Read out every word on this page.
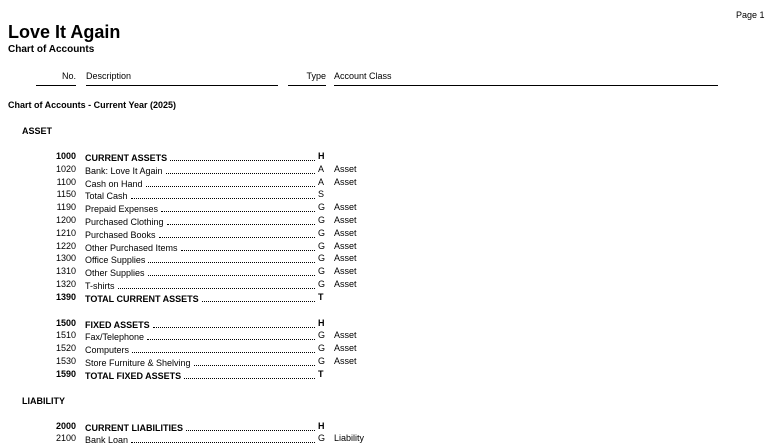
Page 1
Love It Again
Chart of Accounts
No. Description	Type Account Class
Chart of Accounts - Current Year (2025)
ASSET
1000 CURRENT ASSETS	H
1020 Bank: Love It Again	A Asset
1100 Cash on Hand	A Asset
1150 Total Cash	S
1190 Prepaid Expenses	G Asset
1200 Purchased Clothing	G Asset
1210 Purchased Books	G Asset
1220 Other Purchased Items	G Asset
1300 Office Supplies	G Asset
1310 Other Supplies	G Asset
1320 T-shirts	G Asset
1390 TOTAL CURRENT ASSETS	T
1500 FIXED ASSETS	H
1510 Fax/Telephone	G Asset
1520 Computers	G Asset
1530 Store Furniture & Shelving	G Asset
1590 TOTAL FIXED ASSETS	T
LIABILITY
2000 CURRENT LIABILITIES	H
2100 Bank Loan	G Liability
